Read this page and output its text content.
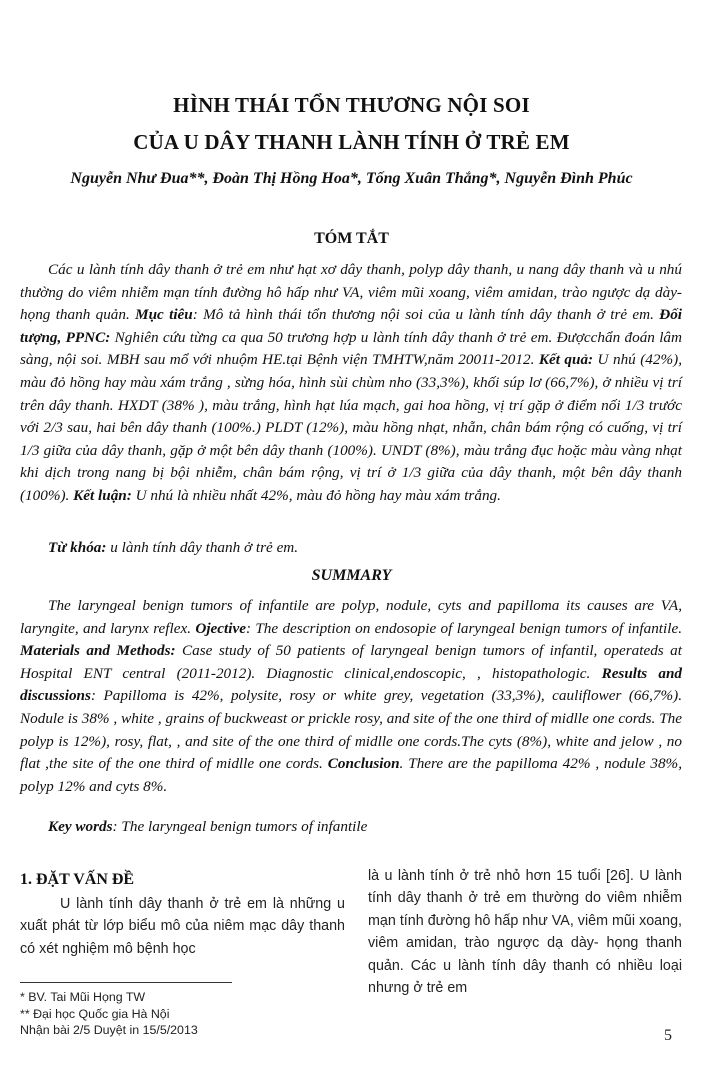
HÌNH THÁI TỔN THƯƠNG NỘI SOI
CỦA U DÂY THANH LÀNH TÍNH Ở TRẺ EM
Nguyễn Như Đua**, Đoàn Thị Hồng Hoa*, Tống Xuân Thắng*, Nguyễn Đình Phúc
TÓM TẮT

Các u lành tính dây thanh ở trẻ em như hạt xơ dây thanh, polyp dây thanh, u nang dây thanh và u nhú thường do viêm nhiễm mạn tính đường hô hấp như VA, viêm mũi xoang, viêm amidan, trào ngược dạ dày- họng thanh quản. Mục tiêu: Mô tả hình thái tổn thương nội soi của u lành tính dây thanh ở trẻ em. Đối tượng, PPNC: Nghiên cứu từng ca qua 50 trương hợp u lành tính dây thanh ở trẻ em. Đượcchẩn đoán lâm sàng, nội soi. MBH sau mổ với nhuộm HE.tại Bệnh viện TMHTW,năm 20011-2012. Kết quả: U nhú (42%), màu đỏ hồng hay màu xám trắng , sừng hóa, hình sùi chùm nho (33,3%), khối súp lơ (66,7%), ở nhiều vị trí trên dây thanh. HXDT (38% ), màu trắng, hình hạt lúa mạch, gai hoa hồng, vị trí gặp ở điểm nối 1/3 trước với 2/3 sau, hai bên dây thanh (100%.) PLDT (12%), màu hồng nhạt, nhẵn, chân bám rộng có cuống, vị trí 1/3 giữa của dây thanh, gặp ở một bên dây thanh (100%). UNDT (8%), màu trắng đục hoặc màu vàng nhạt khi dịch trong nang bị bội nhiễm, chân bám rộng, vị trí ở 1/3 giữa của dây thanh, một bên dây thanh (100%). Kết luận: U nhú là nhiều nhất 42%, màu đỏ hồng hay màu xám trắng.

Từ khóa: u lành tính dây thanh ở trẻ em.
SUMMARY

The laryngeal benign tumors of infantile are polyp, nodule, cyts and papilloma its causes are VA, laryngite, and larynx reflex. Ojective: The description on endosopie of laryngeal benign tumors of infantile. Materials and Methods: Case study of 50 patients of laryngeal benign tumors of infantil, operateds at Hospital ENT central (2011-2012). Diagnostic clinical,endoscopic, , histopathologic. Results and discussions: Papilloma is 42%, polysite, rosy or white grey, vegetation (33,3%), cauliflower (66,7%). Nodule is 38% , white , grains of buckweast or prickle rosy, and site of the one third of midlle one cords. The polyp is 12%), rosy, flat, , and site of the one third of midlle one cords.The cyts (8%), white and jelow , no flat ,the site of the one third of midlle one cords. Conclusion. There are the papilloma 42% , nodule 38%, polyp 12% and cyts 8%.

Key words: The laryngeal benign tumors of infantile
1. ĐẶT VẤN ĐỀ

U lành tính dây thanh ở trẻ em là những u xuất phát từ lớp biểu mô của niêm mạc dây thanh có xét nghiệm mô bệnh học

là u lành tính ở trẻ nhỏ hơn 15 tuổi [26]. U lành tính dây thanh ở trẻ em thường do viêm nhiễm mạn tính đường hô hấp như VA, viêm mũi xoang, viêm amidan, trào ngược dạ dày- họng thanh quản. Các u lành tính dây thanh có nhiều loại nhưng ở trẻ em

* BV. Tai Mũi Họng TW
** Đại học Quốc gia Hà Nội
Nhận bài 2/5 Duyệt in 15/5/2013	5
